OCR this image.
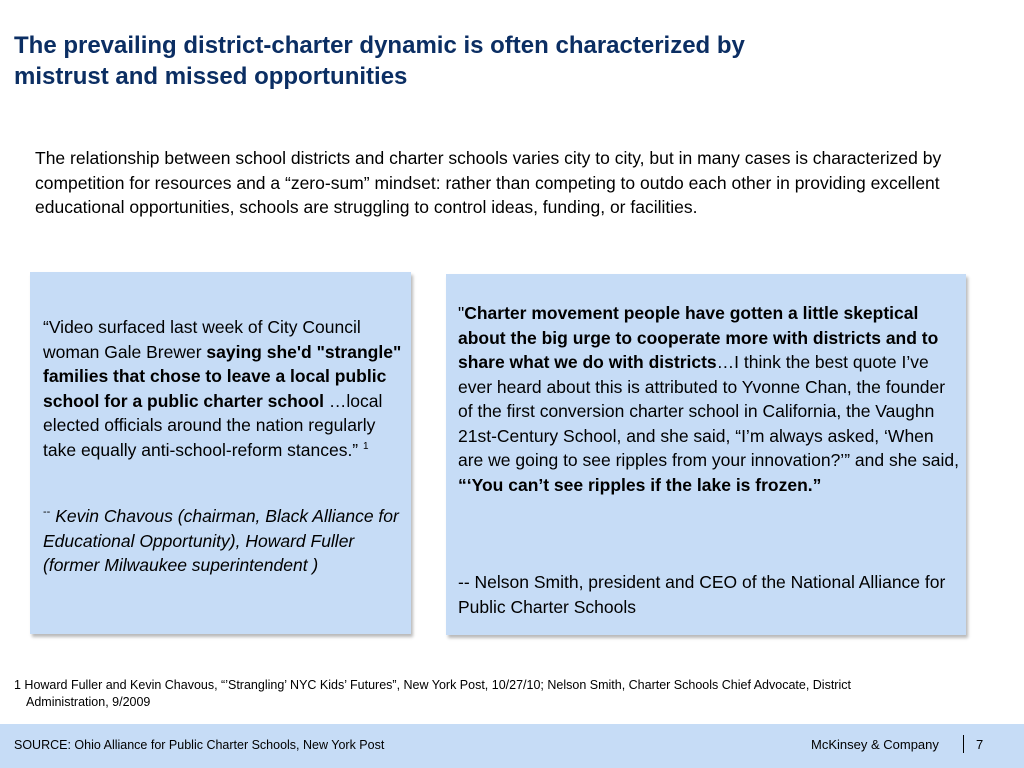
The prevailing district-charter dynamic is often characterized by
mistrust and missed opportunities
The relationship between school districts and charter schools varies city to city, but in many cases is characterized by competition for resources and a “zero-sum” mindset: rather than competing to outdo each other in providing excellent educational opportunities, schools are struggling to control ideas, funding, or facilities.
“Video surfaced last week of City Council woman Gale Brewer saying she'd "strangle" families that chose to leave a local public school for a public charter school …local elected officials around the nation regularly take equally anti-school-reform stances.” $^1$
-- Kevin Chavous (chairman, Black Alliance for Educational Opportunity), Howard Fuller (former Milwaukee superintendent )
"Charter movement people have gotten a little skeptical about the big urge to cooperate more with districts and to share what we do with districts…I think the best quote I’ve ever heard about this is attributed to Yvonne Chan, the founder of the first conversion charter school in California, the Vaughn 21st-Century School, and she said, “I’m always asked, ‘When are we going to see ripples from your innovation?’” and she said, “‘You can’t see ripples if the lake is frozen.”
-- Nelson Smith, president and CEO of the National Alliance for Public Charter Schools
1 Howard Fuller and Kevin Chavous, “’Strangling’ NYC Kids’ Futures”, New York Post, 10/27/10; Nelson Smith, Charter Schools Chief Advocate, District

Administration, 9/2009
SOURCE: Ohio Alliance for Public Charter Schools, New York Post	McKinsey & Company	7
